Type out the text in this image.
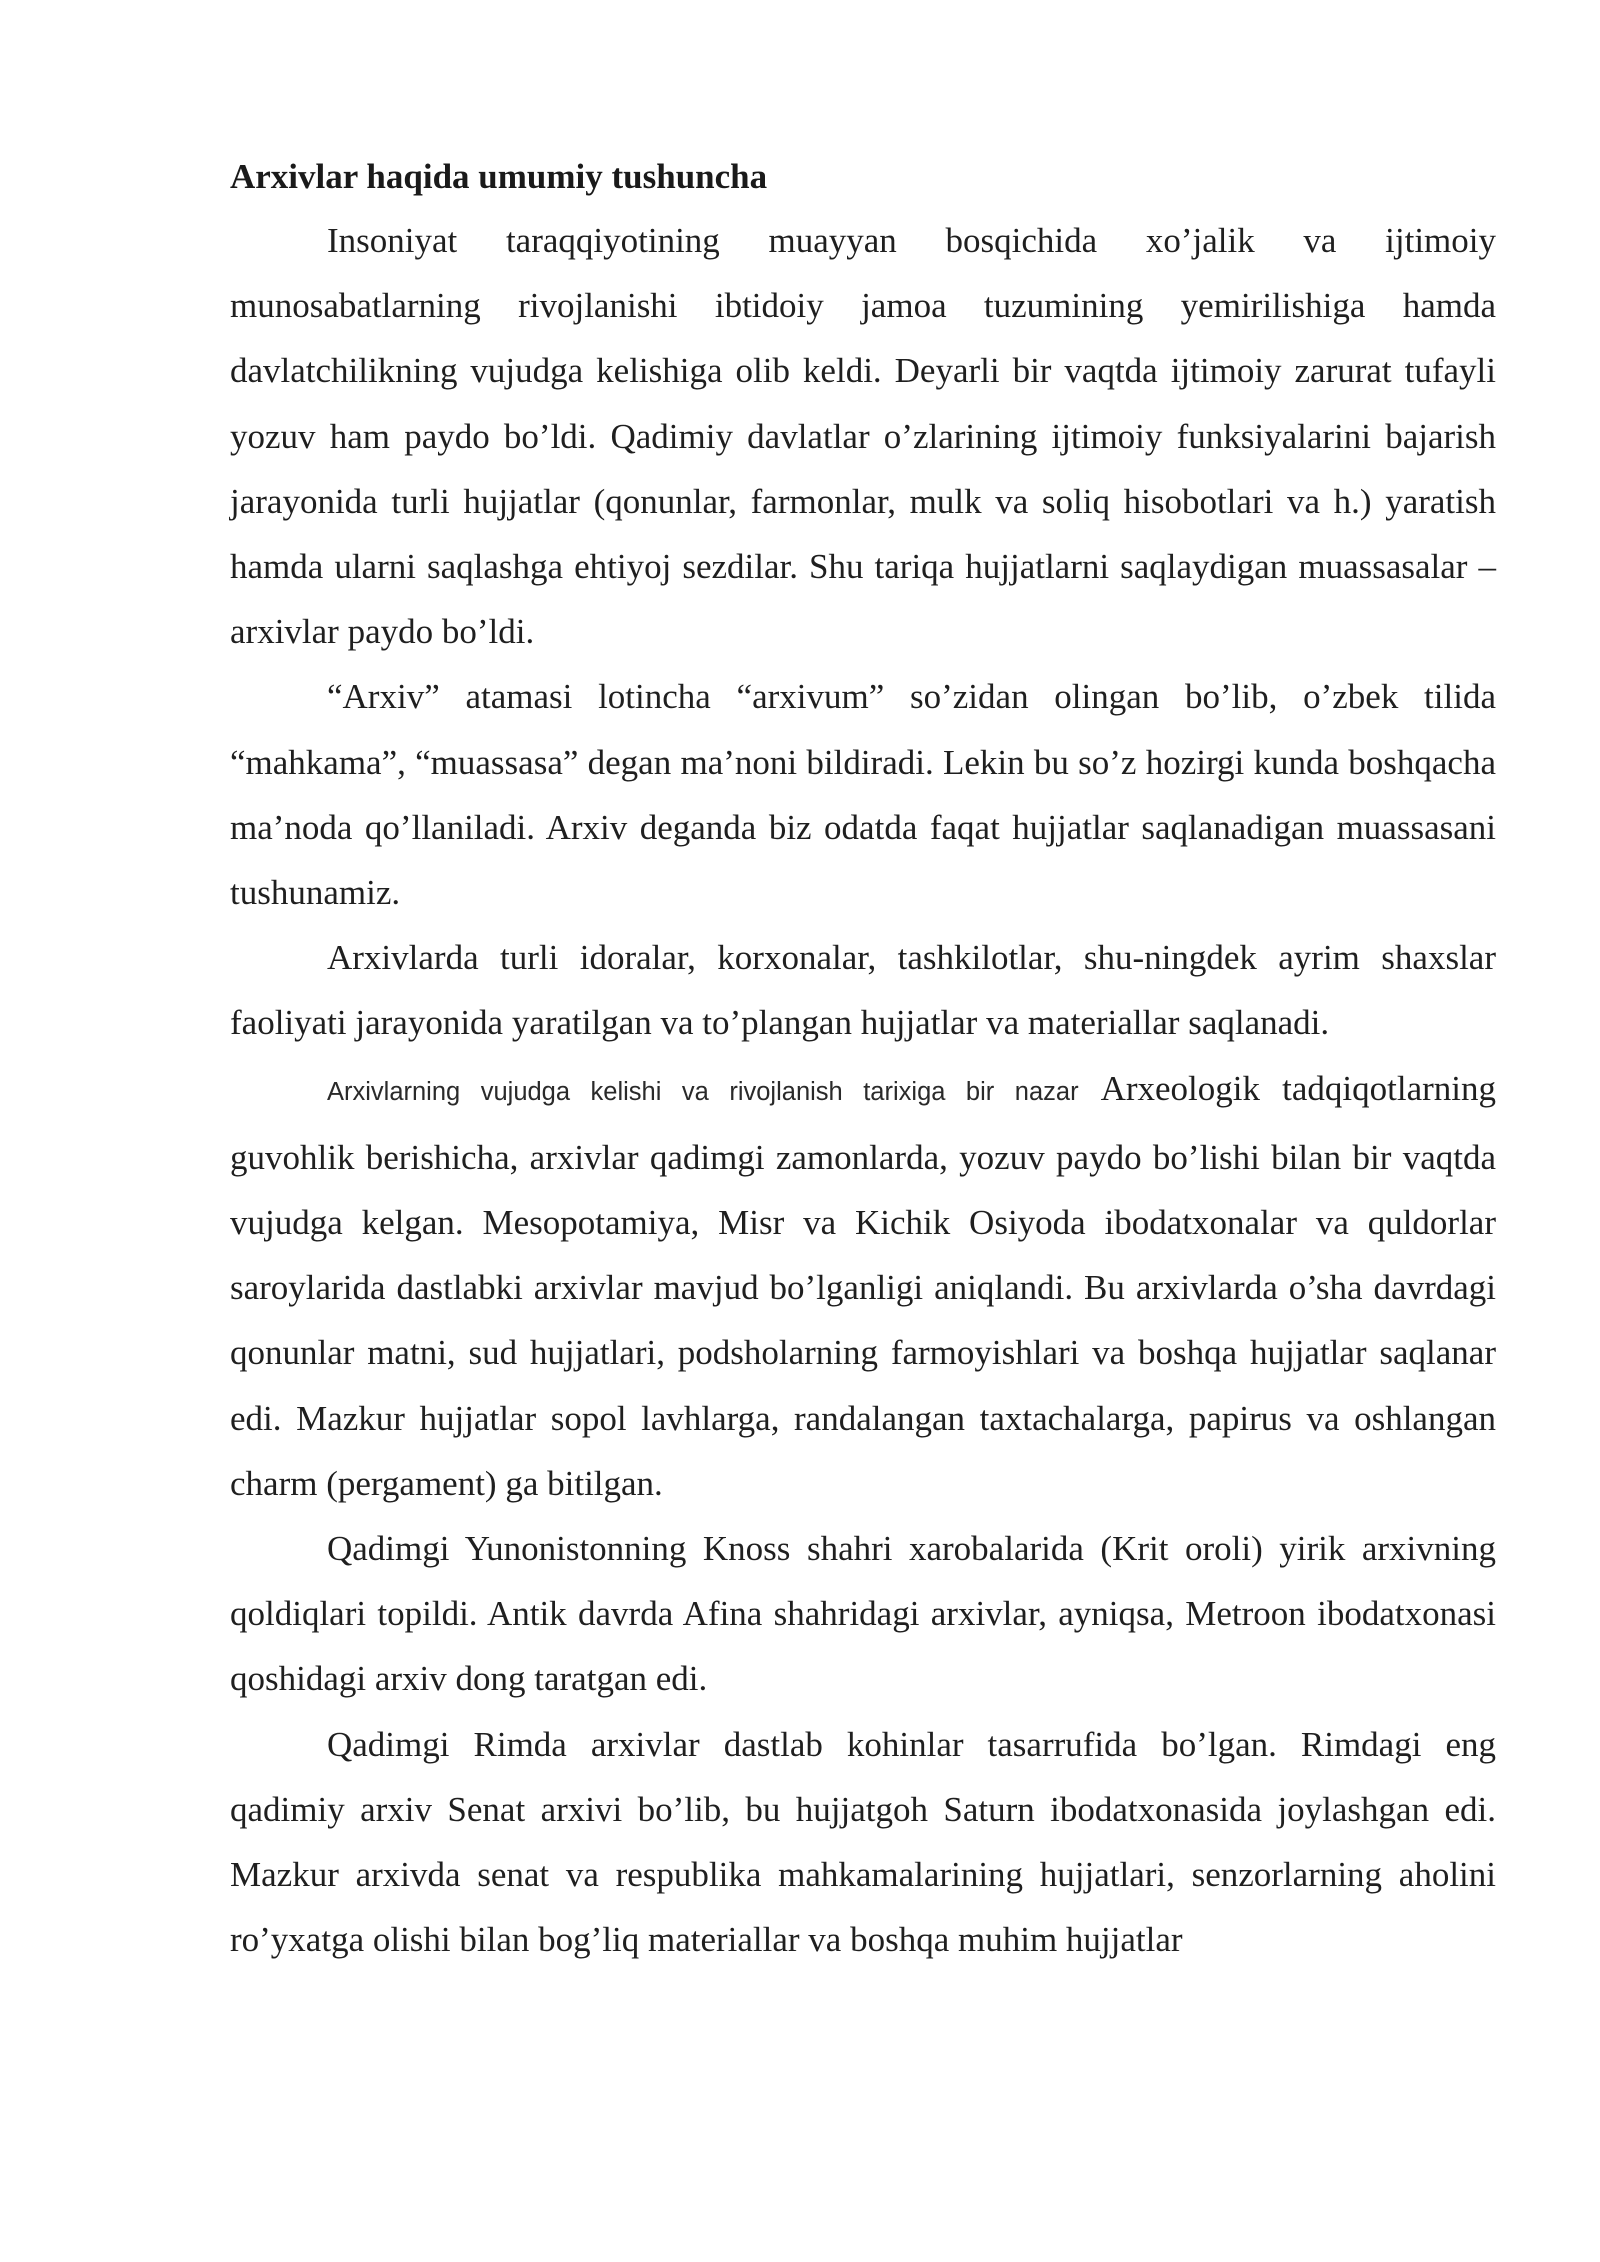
Arxivlar haqida umumiy tushuncha

Insoniyat taraqqiyotining muayyan bosqichida xo’jalik va ijtimoiy munosabatlarning rivojlanishi ibtidoiy jamoa tuzumining yemirilishiga hamda davlatchilikning vujudga kelishiga olib keldi. Deyarli bir vaqtda ijtimoiy zarurat tufayli yozuv ham paydo bo’ldi. Qadimiy davlatlar o’zlarining ijtimoiy funksiyalarini bajarish jarayonida turli hujjatlar (qonunlar, farmonlar, mulk va soliq hisobotlari va h.) yaratish hamda ularni saqlashga ehtiyoj sezdilar. Shu tariqa hujjatlarni saqlaydigan muassasalar – arxivlar paydo bo’ldi.

“Arxiv” atamasi lotincha “arxivum” so’zidan olingan bo’lib, o’zbek tilida “mahkama”, “muassasa” degan ma’noni bildiradi. Lekin bu so’z hozirgi kunda boshqacha ma’noda qo’llaniladi. Arxiv deganda biz odatda faqat hujjatlar saqlanadigan muassasani tushunamiz.

Arxivlarda turli idoralar, korxonalar, tashkilotlar, shu-ningdek ayrim shaxslar faoliyati jarayonida yaratilgan va to’plangan hujjatlar va materiallar saqlanadi.

Arxivlarning vujudga kelishi va rivojlanish tarixiga bir nazar Arxeologik tadqiqotlarning guvohlik berishicha, arxivlar qadimgi zamonlarda, yozuv paydo bo’lishi bilan bir vaqtda vujudga kelgan. Mesopotamiya, Misr va Kichik Osiyoda ibodatxonalar va quldorlar saroylarida dastlabki arxivlar mavjud bo’lganligi aniqlandi. Bu arxivlarda o’sha davrdagi qonunlar matni, sud hujjatlari, podsholarning farmoyishlari va boshqa hujjatlar saqlanar edi. Mazkur hujjatlar sopol lavhlarga, randalangan taxtachalarga, papirus va oshlangan charm (pergament) ga bitilgan.

Qadimgi Yunonistonning Knoss shahri xarobalarida (Krit oroli) yirik arxivning qoldiqlari topildi. Antik davrda Afina shahridagi arxivlar, ayniqsa, Metroon ibodatxonasi qoshidagi arxiv dong taratgan edi.

Qadimgi Rimda arxivlar dastlab kohinlar tasarrufida bo’lgan. Rimdagi eng qadimiy arxiv Senat arxivi bo’lib, bu hujjatgoh Saturn ibodatxonasida joylashgan edi. Mazkur arxivda senat va respublika mahkamalarining hujjatlari, senzorlarning aholini ro’yxatga olishi bilan bog’liq materiallar va boshqa muhim hujjatlar
